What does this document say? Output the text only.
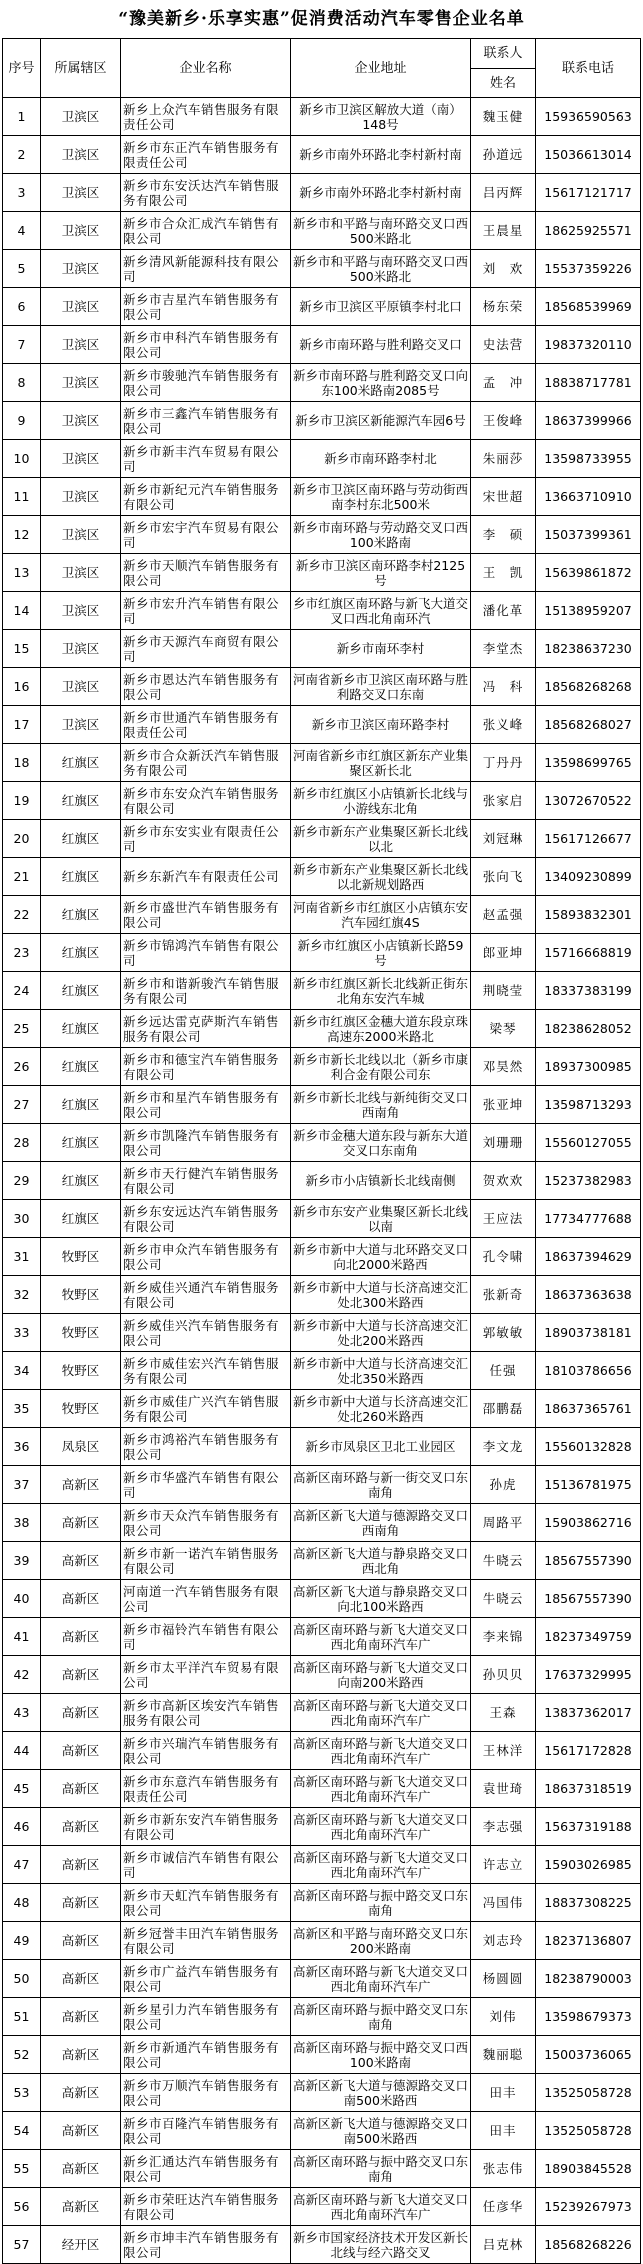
“豫美新乡·乐享实惠”促消费活动汽车零售企业名单
序号	所属辖区	企业名称	企业地址	联系人	联系电话
				姓名	
1	卫滨区	新乡上众汽车销售服务有限责任公司	新乡市卫滨区解放大道（南）148号	魏玉健	15936590563
2	卫滨区	新乡市东正汽车销售服务有限责任公司	新乡市南外环路北李村新村南	孙道远	15036613014
3	卫滨区	新乡市东安沃达汽车销售服务有限公司	新乡市南外环路北李村新村南	吕丙辉	15617121717
4	卫滨区	新乡市合众汇成汽车销售有限公司	新乡市和平路与南环路交叉口西500米路北	王晨星	18625925571
5	卫滨区	新乡清风新能源科技有限公司	新乡市和平路与南环路交叉口西500米路北	刘　欢	15537359226
6	卫滨区	新乡市吉星汽车销售服务有限公司	新乡市卫滨区平原镇李村北口	杨东荣	18568539969
7	卫滨区	新乡市申科汽车销售服务有限公司	新乡市南环路与胜利路交叉口	史法营	19837320110
8	卫滨区	新乡市骏驰汽车销售服务有限公司	新乡市南环路与胜利路交叉口向东100米路南2085号	孟　冲	18838717781
9	卫滨区	新乡市三鑫汽车销售服务有限公司	新乡市卫滨区新能源汽车园6号	王俊峰	18637399966
10	卫滨区	新乡市新丰汽车贸易有限公司	新乡市南环路李村北	朱丽莎	13598733955
11	卫滨区	新乡市新纪元汽车销售服务有限公司	新乡市卫滨区南环路与劳动街西南李村东北500米	宋世超	13663710910
12	卫滨区	新乡市宏宇汽车贸易有限公司	新乡市南环路与劳动路交叉口西100米路南	李　硕	15037399361
13	卫滨区	新乡市天顺汽车销售服务有限公司	新乡市卫滨区南环路李村2125号	王　凯	15639861872
14	卫滨区	新乡市宏升汽车销售有限公司	乡市红旗区南环路与新飞大道交叉口西北角南环汽	潘化革	15138959207
15	卫滨区	新乡市天源汽车商贸有限公司	新乡市南环李村	李堂杰	18238637230
16	卫滨区	新乡市恩达汽车销售服务有限公司	河南省新乡市卫滨区南环路与胜利路交叉口东南	冯　科	18568268268
17	卫滨区	新乡市世通汽车销售服务有限责任公司	新乡市卫滨区南环路李村	张义峰	18568268027
18	红旗区	新乡市合众新沃汽车销售服务有限公司	河南省新乡市红旗区新东产业集聚区新长北	丁丹丹	13598699765
19	红旗区	新乡市东安众汽车销售服务有限公司	新乡市红旗区小店镇新长北线与小游线东北角	张家启	13072670522
20	红旗区	新乡市东安实业有限责任公司	新乡市新东产业集聚区新长北线以北	刘冠琳	15617126677
21	红旗区	新乡东新汽车有限责任公司	新乡市新东产业集聚区新长北线以北新规划路西	张向飞	13409230899
22	红旗区	新乡市盛世汽车销售服务有限公司	河南省新乡市红旗区小店镇东安汽车园红旗4S	赵孟强	15893832301
23	红旗区	新乡市锦鸿汽车销售有限公司	新乡市红旗区小店镇新长路59号	郎亚坤	15716668819
24	红旗区	新乡市和谐新骏汽车销售服务有限公司	新乡市红旗区新长北线新正街东北角东安汽车城	荆晓莹	18337383199
25	红旗区	新乡远达雷克萨斯汽车销售服务有限公司	新乡市红旗区金穗大道东段京珠高速东2000米路北	梁琴	18238628052
26	红旗区	新乡市和德宝汽车销售服务有限公司	新乡市新长北线以北（新乡市康利合金有限公司东	邓昊然	18937300985
27	红旗区	新乡市和星汽车销售服务有限公司	新乡市新长北线与新纯街交叉口西南角	张亚坤	13598713293
28	红旗区	新乡市凯隆汽车销售服务有限公司	新乡市金穗大道东段与新东大道交叉口东南角	刘珊珊	15560127055
29	红旗区	新乡市天行健汽车销售服务有限公司	新乡市小店镇新长北线南侧	贺欢欢	15237382983
30	红旗区	新乡东安远达汽车销售服务有限公司	新乡市东安产业集聚区新长北线以南	王应法	17734777688
31	牧野区	新乡市申众汽车销售服务有限公司	新乡市新中大道与北环路交叉口向北2000米路西	孔令啸	18637394629
32	牧野区	新乡威佳兴通汽车销售服务有限公司	新乡市新中大道与长济高速交汇处北300米路西	张新奇	18637363638
33	牧野区	新乡威佳兴汽车销售服务有限公司	新乡市新中大道与长济高速交汇处北200米路西	郭敏敏	18903738181
34	牧野区	新乡市威佳宏兴汽车销售服务有限公司	新乡市新中大道与长济高速交汇处北350米路西	任强	18103786656
35	牧野区	新乡市威佳广兴汽车销售服务有限公司	新乡市新中大道与长济高速交汇处北260米路西	邵鹏磊	18637365761
36	凤泉区	新乡市鸿裕汽车销售服务有限公司	新乡市凤泉区卫北工业园区	李文龙	15560132828
37	高新区	新乡市华盛汽车销售有限公司	高新区南环路与新一街交叉口东南角	孙虎	15136781975
38	高新区	新乡市天众汽车销售服务有限公司	高新区新飞大道与德源路交叉口西南角	周路平	15903862716
39	高新区	新乡市新一诺汽车销售服务有限公司	高新区新飞大道与静泉路交叉口西北角	牛晓云	18567557390
40	高新区	河南道一汽车销售服务有限公司	高新区新飞大道与静泉路交叉口向北100米路西	牛晓云	18567557390
41	高新区	新乡市福铃汽车销售有限公司	高新区南环路与新飞大道交叉口西北角南环汽车广	李来锦	18237349759
42	高新区	新乡市太平洋汽车贸易有限公司	高新区南环路与新飞大道交叉口向南200米路西	孙贝贝	17637329995
43	高新区	新乡市高新区埃安汽车销售服务有限公司	高新区南环路与新飞大道交叉口西北角南环汽车广	王森	13837362017
44	高新区	新乡市兴瑞汽车销售服务有限公司	高新区南环路与新飞大道交叉口西北角南环汽车广	王林洋	15617172828
45	高新区	新乡市东意汽车销售服务有限责任公司	高新区南环路与新飞大道交叉口西北角南环汽车广	袁世琦	18637318519
46	高新区	新乡市新东安汽车销售服务有限公司	高新区南环路与新飞大道交叉口西北角南环汽车广	李志强	15637319188
47	高新区	新乡市诚信汽车销售有限公司	高新区南环路与新飞大道交叉口西北角南环汽车广	许志立	15903026985
48	高新区	新乡市天虹汽车销售服务有限公司	高新区南环路与振中路交叉口东南角	冯国伟	18837308225
49	高新区	新乡冠誉丰田汽车销售服务有限公司	高新区和平路与南环路交叉口东200米路南	刘志玲	18237136807
50	高新区	新乡市广益汽车销售服务有限公司	高新区南环路与新飞大道交叉口西北角南环汽车广	杨圆圆	18238790003
51	高新区	新乡星引力汽车销售服务有限公司	高新区南环路与振中路交叉口东南角	刘伟	13598679373
52	高新区	新乡市新通汽车销售服务有限公司	高新区南环路与振中路交叉口西100米路南	魏丽聪	15003736065
53	高新区	新乡市万顺汽车销售服务有限公司	高新区新飞大道与德源路交叉口南500米路西	田丰	13525058728
54	高新区	新乡市百隆汽车销售服务有限公司	高新区新飞大道与德源路交叉口南500米路西	田丰	13525058728
55	高新区	新乡汇通达汽车销售服务有限公司	高新区南环路与振中路交叉口东南角	张志伟	18903845528
56	高新区	新乡市荣旺达汽车销售服务有限公司	高新区南环路与新飞大道交叉口西北角南环汽车广	任彦华	15239267973
57	经开区	新乡市坤丰汽车销售服务有限公司	新乡市国家经济技术开发区新长北线与经六路交叉	吕克林	18568268226
